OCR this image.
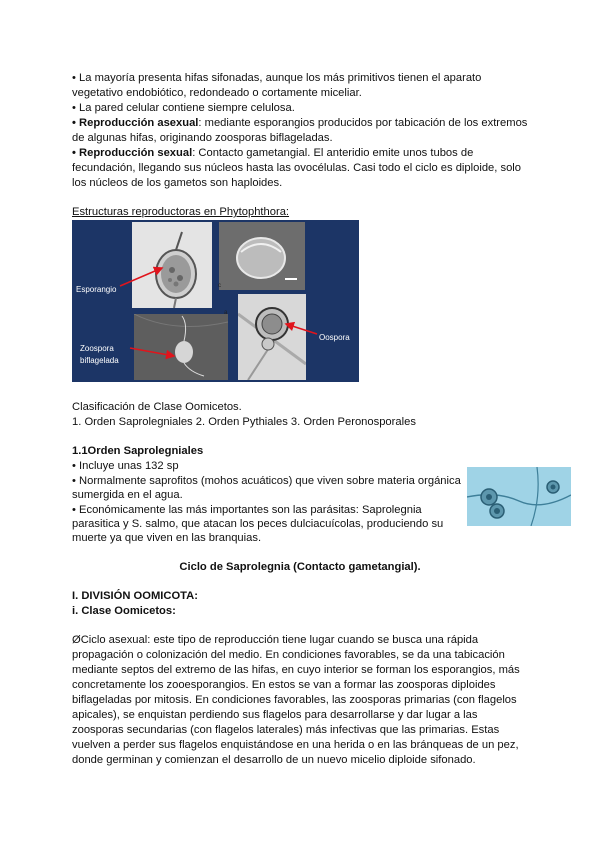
• La mayoría presenta hifas sifonadas, aunque los más primitivos tienen el aparato
vegetativo endobiótico, redondeado o cortamente miceliar.
• La pared celular contiene siempre celulosa.
• Reproducción asexual: mediante esporangios producidos por tabicación de los extremos
de algunas hifas, originando zoosporas biflageladas.
• Reproducción sexual: Contacto gametangial. El anteridio emite unos tubos de
fecundación, llegando sus núcleos hasta las ovocélulas. Casi todo el ciclo es diploide, solo
los núcleos de los gametos son haploides.
Estructuras reproductoras en Phytophthora:
c
a
Esporangio
Zoospora
biflagelada
Oospora
Clasificación de Clase Oomicetos.
1. Orden Saprolegniales 2. Orden Pythiales 3. Orden Peronosporales
1.1Orden Saprolegniales
• Incluye unas 132 sp
• Normalmente saprofitos (mohos acuáticos) que viven sobre materia orgánica
sumergida en el agua.
• Económicamente las más importantes son las parásitas: Saprolegnia
parasitica y S. salmo, que atacan los peces dulciacuícolas, produciendo su
muerte ya que viven en las branquias.
Ciclo de Saprolegnia (Contacto gametangial).
I. DIVISIÓN OOMICOTA:
i. Clase Oomicetos:
ØCiclo asexual: este tipo de reproducción tiene lugar cuando se busca una rápida
propagación o colonización del medio. En condiciones favorables, se da una tabicación
mediante septos del extremo de las hifas, en cuyo interior se forman los esporangios, más
concretamente los zooesporangios. En estos se van a formar las zoosporas diploides
biflageladas por mitosis. En condiciones favorables, las zoosporas primarias (con flagelos
apicales), se enquistan perdiendo sus flagelos para desarrollarse y dar lugar a las
zoosporas secundarias (con flagelos laterales) más infectivas que las primarias. Estas
vuelven a perder sus flagelos enquistándose en una herida o en las bránqueas de un pez,
donde germinan y comienzan el desarrollo de un nuevo micelio diploide sifonado.
